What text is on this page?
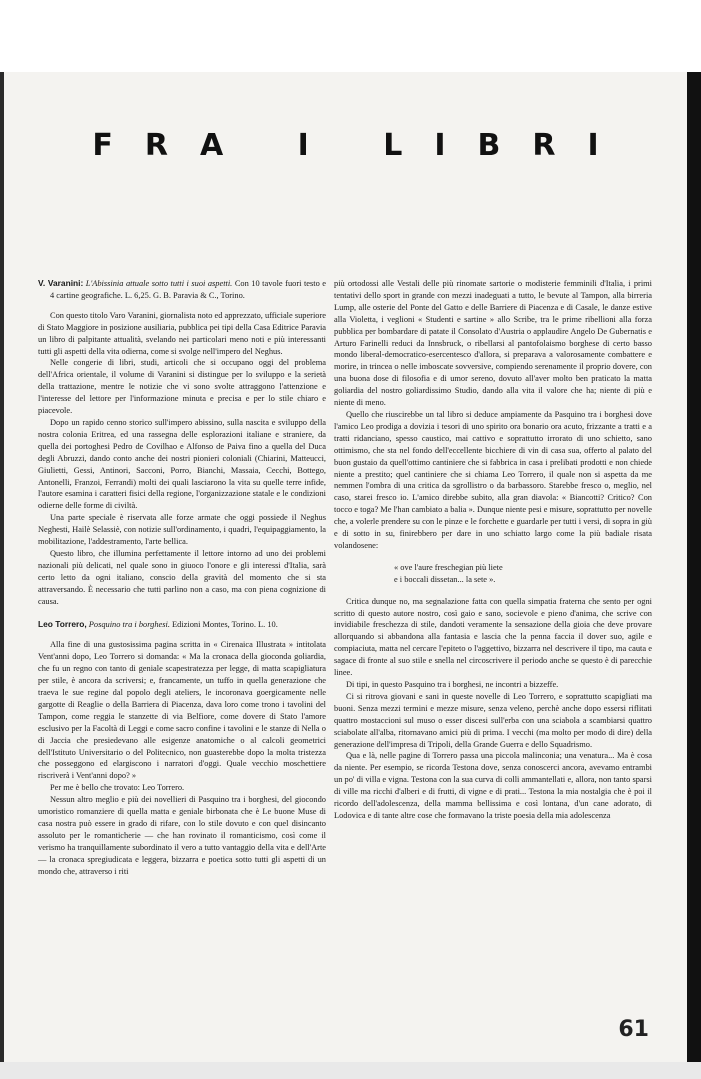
FRA I LIBRI

V. Varanini: L'Abissinia attuale sotto tutti i suoi aspetti. Con 10 tavole fuori testo e 4 cartine geografiche. L. 6,25. G. B. Paravia & C., Torino.

Con questo titolo Varo Varanini, giornalista noto ed apprezzato, ufficiale superiore di Stato Maggiore in posizione ausiliaria, pubblica pei tipi della Casa Editrice Paravia un libro di palpitante attualità, svelando nei particolari meno noti e più interessanti tutti gli aspetti della vita odierna, come si svolge nell'impero del Neghus.

Nelle congerie di libri, studi, articoli che si occupano oggi del problema dell'Africa orientale, il volume di Varanini si distingue per lo sviluppo e la serietà della trattazione, mentre le notizie che vi sono svolte attraggono l'attenzione e l'interesse del lettore per l'informazione minuta e precisa e per lo stile chiaro e piacevole.

Dopo un rapido cenno storico sull'impero abissino, sulla nascita e sviluppo della nostra colonia Eritrea, ed una rassegna delle esplorazioni italiane e straniere, da quella dei portoghesi Pedro de Covilhao e Alfonso de Paiva fino a quella del Duca degli Abruzzi, dando conto anche dei nostri pionieri coloniali (Chiarini, Matteucci, Giulietti, Gessi, Antinori, Sacconi, Porro, Bianchi, Massaia, Cecchi, Bottego, Antonelli, Franzoi, Ferrandi) molti dei quali lasciarono la vita su quelle terre infide, l'autore esamina i caratteri fisici della regione, l'organizzazione statale e le condizioni odierne delle forme di civiltà.

Una parte speciale è riservata alle forze armate che oggi possiede il Neghus Neghesti, Hailè Selassiè, con notizie sull'ordinamento, i quadri, l'equipaggiamento, la mobilitazione, l'addestramento, l'arte bellica.

Questo libro, che illumina perfettamente il lettore intorno ad uno dei problemi nazionali più delicati, nel quale sono in giuoco l'onore e gli interessi d'Italia, sarà certo letto da ogni italiano, conscio della gravità del momento che si sta attraversando. È necessario che tutti parlino non a caso, ma con piena cognizione di causa.

Leo Torrero, Posquino tra i borghesi. Edizioni Montes, Torino. L. 10.

Alla fine di una gustosissima pagina scritta in « Cirenaica Illustrata » intitolata Vent'anni dopo, Leo Torrero si domanda: « Ma la cronaca della gioconda goliardia, che fu un regno con tanto di geniale scapestratezza per legge, di matta scapigliatura per stile, è ancora da scriversi; e, francamente, un tuffo in quella generazione che traeva le sue regine dal popolo degli ateliers, le incoronava goergicamente nelle gargotte di Reaglie o della Barriera di Piacenza, dava loro come trono i tavolini del Tampon, come reggia le stanzette di via Belfiore, come dovere di Stato l'amore esclusivo per la Facoltà di Leggi e come sacro confine i tavolini e le stanze di Nella o di Jaccia che presiedevano alle esigenze anatomiche o al calcoli geometrici dell'Istituto Universitario o del Politecnico, non guasterebbe dopo la molta tristezza che posseggono ed elargiscono i narratori d'oggi. Quale vecchio moschettiere riscriverà i Vent'anni dopo? »

Per me è bello che trovato: Leo Torrero.

Nessun altro meglio e più dei novellieri di Pasquino tra i borghesi, del giocondo umoristico romanziere di quella matta e geniale birbonata che è Le buone Muse di casa nostra può essere in grado di rifare, con lo stile dovuto e con quel disincanto assoluto per le romanticherie — che han rovinato il romanticismo, così come il verismo ha tranquillamente subordinato il vero a tutto vantaggio della vita e dell'Arte — la cronaca spregiudicata e leggera, bizzarra e poetica sotto tutti gli aspetti di un mondo che, attraverso i riti

più ortodossi alle Vestali delle più rinomate sartorie o modisterie femminili d'Italia, i primi tentativi dello sport in grande con mezzi inadeguati a tutto, le bevute al Tampon, alla birreria Lump, alle osterie del Ponte del Gatto e delle Barriere di Piacenza e di Casale, le danze estive alla Violetta, i veglioni « Studenti e sartine » allo Scribe, tra le prime ribellioni alla forza pubblica per bombardare di patate il Consolato d'Austria o applaudire Angelo De Gubernatis e Arturo Farinelli reduci da Innsbruck, o ribellarsi al pantofolaismo borghese di certo basso mondo liberal-democratico-esercentesco d'allora, si preparava a valorosamente combattere e morire, in trincea o nelle imboscate sovversive, compiendo serenamente il proprio dovere, con una buona dose di filosofia e di umor sereno, dovuto all'aver molto ben praticato la matta goliardia del nostro goliardissimo Studio, dando alla vita il valore che ha; niente di più e niente di meno.

Quello che riuscirebbe un tal libro si deduce ampiamente da Pasquino tra i borghesi dove l'amico Leo prodiga a dovizia i tesori di uno spirito ora bonario ora acuto, frizzante a tratti e a tratti ridanciano, spesso caustico, mai cattivo e soprattutto irrorato di uno schietto, sano ottimismo, che sta nel fondo dell'eccellente bicchiere di vin di casa sua, offerto al palato del buon gustaio da quell'ottimo cantiniere che si fabbrica in casa i prelibati prodotti e non chiede niente a prestito; quel cantiniere che si chiama Leo Torrero, il quale non si aspetta da me nemmen l'ombra di una critica da sgrollistro o da barbassoro. Starebbe fresco o, meglio, nel caso, starei fresco io. L'amico direbbe subito, alla gran diavola: « Biancotti? Critico? Con tocco e toga? Me l'han cambiato a balia ». Dunque niente pesi e misure, soprattutto per novelle che, a volerle prendere su con le pinze e le forchette e guardarle per tutti i versi, di sopra in giù e di sotto in su, finirebbero per dare in uno schiatto largo come la più badiale risata volandosene:

« ove l'aure freschegian più liete
e i boccali dissetan... la sete ».

Critica dunque no, ma segnalazione fatta con quella simpatia fraterna che sento per ogni scritto di questo autore nostro, così gaio e sano, socievole e pieno d'anima, che scrive con invidiabile freschezza di stile, dandoti veramente la sensazione della gioia che deve provare allorquando si abbandona alla fantasia e lascia che la penna faccia il dover suo, agile e compiaciuta, matta nel cercare l'epiteto o l'aggettivo, bizzarra nel descrivere il tipo, ma cauta e sagace di fronte al suo stile e snella nel circoscrivere il periodo anche se questo è di parecchie linee.

Di tipi, in questo Pasquino tra i borghesi, ne incontri a bizzeffe.

Ci si ritrova giovani e sani in queste novelle di Leo Torrero, e soprattutto scapigliati ma buoni. Senza mezzi termini e mezze misure, senza veleno, perchè anche dopo essersi riflitati quattro mostaccioni sul muso o esser discesi sull'erba con una sciabola a scambiarsi quattro sciabolate all'alba, ritornavano amici più di prima. I vecchi (ma molto per modo di dire) della generazione dell'impresa di Tripoli, della Grande Guerra e dello Squadrismo.

Qua e là, nelle pagine di Torrero passa una piccola malinconia; una venatura... Ma è cosa da niente. Per esempio, se ricorda Testona dove, senza conoscerci ancora, avevamo entrambi un po' di villa e vigna. Testona con la sua curva di colli ammantellati e, allora, non tanto sparsi di ville ma ricchi d'alberi e di frutti, di vigne e di prati... Testona la mia nostalgia che è poi il ricordo dell'adolescenza, della mamma bellissima e così lontana, d'un cane adorato, di Lodovica e di tante altre cose che formavano la triste poesia della mia adolescenza

61
